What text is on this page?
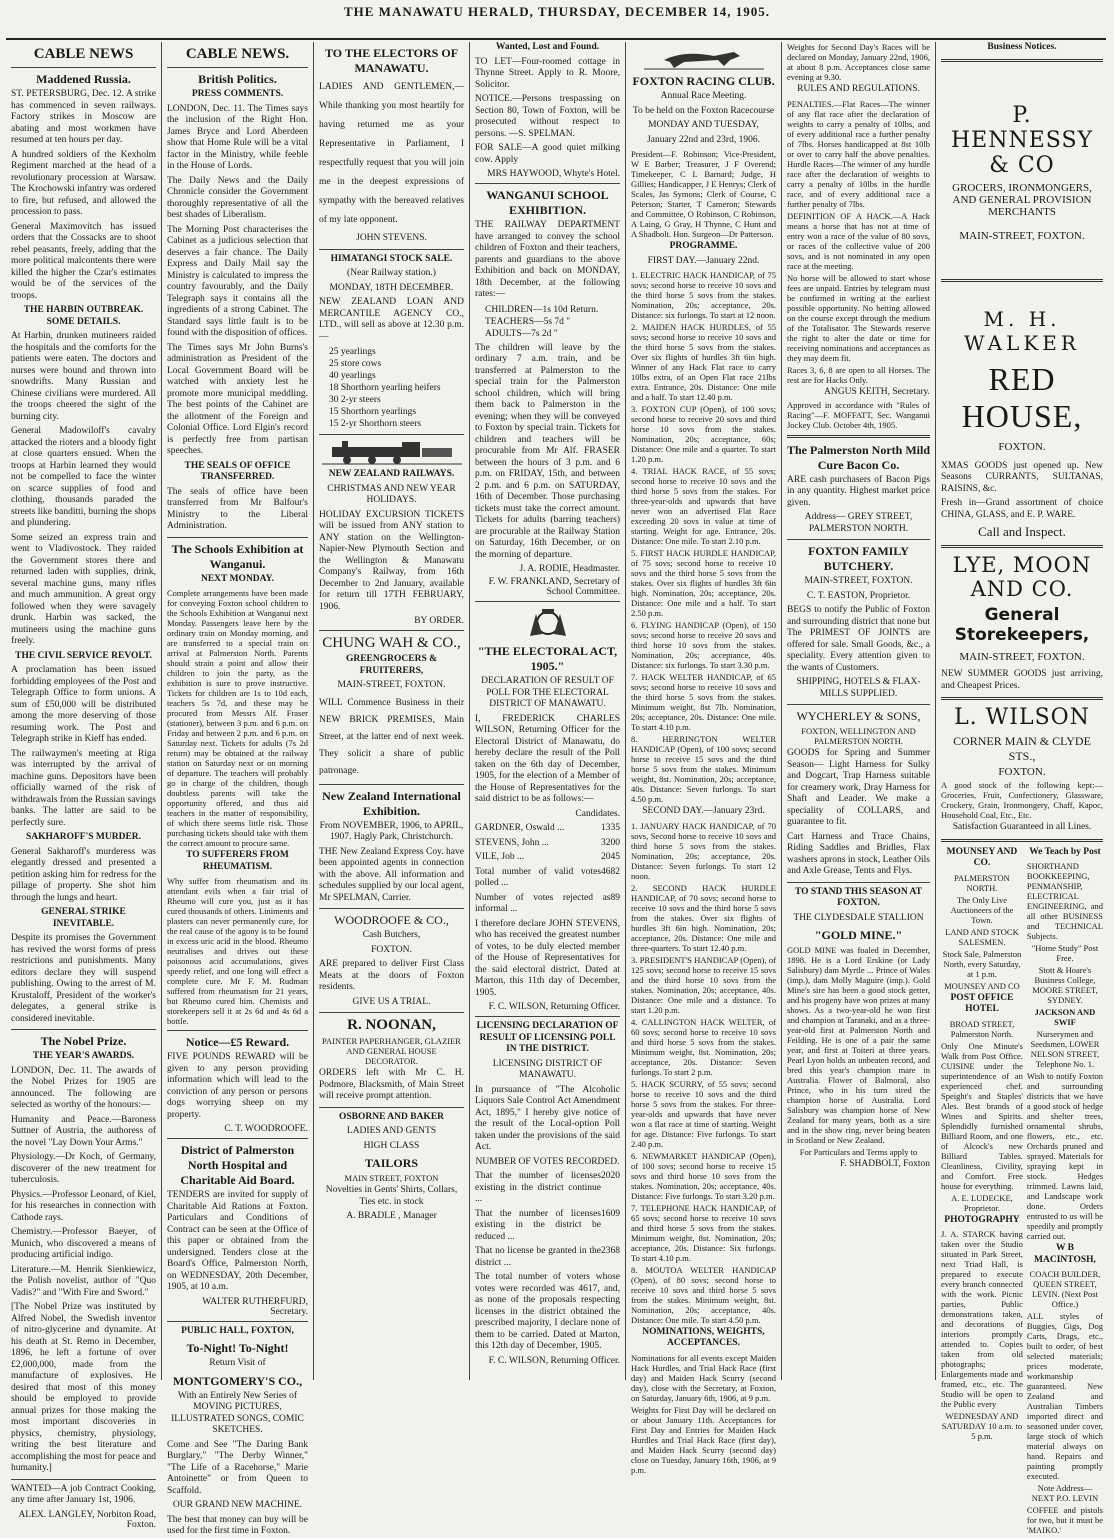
THE MANAWATU HERALD, THURSDAY, DECEMBER 14, 1905.
CABLE NEWS
Maddened Russia.

ST. PETERSBURG, Dec. 12. A strike has commenced in seven railways. Factory strikes in Moscow are abating and most workmen have resumed at ten hours per day.

A hundred soldiers of the Kexholm Regiment marched at the head of a revolutionary procession at Warsaw. The Krochowski infantry was ordered to fire, but refused, and allowed the procession to pass.

General Maximovitch has issued orders that the Cossacks are to shoot rebel peasants, freely, adding that the more political malcontents there were killed the higher the Czar's estimates would be of the services of the troops.

THE HARBIN OUTBREAK. SOME DETAILS.

At Harbin, drunken mutineers raided the hospitals and the comforts for the patients were eaten. The doctors and nurses were bound and thrown into snowdrifts. Many Russian and Chinese civilians were murdered. All the troops cheered the sight of the burning city.

General Madowiloff's cavalry attacked the rioters and a bloody fight at close quarters ensued. When the troops at Harbin learned they would not be compelled to face the winter on scarce supplies of food and clothing, thousands paraded the streets like banditti, burning the shops and plundering.

Some seized an express train and went to Vladivostock. They raided the Government stores there and returned laden with supplies, drink, several machine guns, many rifles and much ammunition. A great orgy followed when they were savagely drunk. Harbin was sacked, the mutineers using the machine guns freely.

THE CIVIL SERVICE REVOLT.

A proclamation has been issued forbidding employees of the Post and Telegraph Office to form unions. A sum of £50,000 will be distributed among the more deserving of those resuming work. The Post and Telegraph strike in Kieff has ended.

The railwaymen's meeting at Riga was interrupted by the arrival of machine guns. Depositors have been officially warned of the risk of withdrawals from the Russian savings banks. The latter are said to be perfectly sure.

SAKHAROFF'S MURDER.

General Sakharoff's murderess was elegantly dressed and presented a petition asking him for redress for the pillage of property. She shot him through the lungs and heart.

GENERAL STRIKE INEVITABLE.

Despite its promises the Government has revived the worst forms of press restrictions and punishments. Many editors declare they will suspend publishing. Owing to the arrest of M. Krustaloff, President of the worker's delegates, a general strike is considered inevitable.

The Nobel Prize.
THE YEAR'S AWARDS.

LONDON, Dec. 11. The awards of the Nobel Prizes for 1905 are announced. The following are selected as worthy of the honours:—

Humanity and Peace.—Baroness Suttner of Austria, the authoress of the novel "Lay Down Your Arms."

Physiology.—Dr Koch, of Germany, discoverer of the new treatment for tuberculosis.

Physics.—Professor Leonard, of Kiel, for his researches in connection with Cathode rays.

Chemistry.—Professor Baeyer, of Munich, who discovered a means of producing artificial indigo.

Literature.—M. Henrik Sienkiewicz, the Polish novelist, author of "Quo Vadis?" and "With Fire and Sword."

[The Nobel Prize was instituted by Alfred Nobel, the Swedish inventor of nitro-glycerine and dynamite. At his death at St. Remo in December, 1896, he left a fortune of over £2,000,000, made from the manufacture of explosives. He desired that most of this money should be employed to provide annual prizes for those making the most important discoveries in physics, chemistry, physiology, writing the best literature and accomplishing the most for peace and humanity.]

WANTED—A job Contract Cooking, any time after January 1st, 1906.

ALEX. LANGLEY, Norbiton Road, Foxton.

CABLE NEWS.
British Politics.
PRESS COMMENTS.

LONDON, Dec. 11. The Times says the inclusion of the Right Hon. James Bryce and Lord Aberdeen show that Home Rule will be a vital factor in the Ministry, while feeble in the House of Lords.

The Daily News and the Daily Chronicle consider the Government thoroughly representative of all the best shades of Liberalism.

The Morning Post characterises the Cabinet as a judicious selection that deserves a fair chance. The Daily Express and Daily Mail say the Ministry is calculated to impress the country favourably, and the Daily Telegraph says it contains all the ingredients of a strong Cabinet. The Standard says little fault is to be found with the disposition of offices.

The Times says Mr John Burns's administration as President of the Local Government Board will be watched with anxiety lest he promote more municipal meddling. The best points of the Cabinet are the allotment of the Foreign and Colonial Office. Lord Elgin's record is perfectly free from partisan speeches.

THE SEALS OF OFFICE TRANSFERRED.

The seals of office have been transferred from Mr Balfour's Ministry to the Liberal Administration.

The Schools Exhibition at Wanganui.
NEXT MONDAY.

Complete arrangements have been made for conveying Foxton school children to the Schools Exhibition at Wanganui next Monday. Passengers leave here by the ordinary train on Monday morning, and are transferred to a special train on arrival at Palmerston North. Parents should strain a point and allow their children to join the party, as the exhibition is sure to prove instructive. Tickets for children are 1s to 10d each, teachers 5s 7d, and these may be procured from Messrs Alf. Fraser (stationer), between 3 p.m. and 6 p.m. on Friday and between 2 p.m. and 6 p.m. on Saturday next. Tickets for adults (7s 2d return) may be obtained at the railway station on Saturday next or on morning of departure. The teachers will probably go in charge of the children, though doubtless parents will take the opportunity offered, and thus aid teachers in the matter of responsibility, of which there seems little risk. Those purchasing tickets should take with them the correct amount to procure same.

TO SUFFERERS FROM RHEUMATISM.

Why suffer from rheumatism and its attendant evils when a fair trial of Rheumo will cure you, just as it has cured thousands of others. Liniments and plasters can never permanently cure, for the real cause of the agony is to be found in excess uric acid in the blood. Rheumo neutralises and drives out these poisonous acid accumulations, gives speedy relief, and one long will effect a complete cure. Mr F. M. Rudman suffered from rheumatism for 21 years, but Rheumo cured him. Chemists and storekeepers sell it at 2s 6d and 4s 6d a bottle.

Notice—£5 Reward.

FIVE POUNDS REWARD will be given to any person providing information which will lead to the conviction of any person or persons dogs worrying sheep on my property.

C. T. WOODROOFE.

District of Palmerston North Hospital and Charitable Aid Board.

TENDERS are invited for supply of Charitable Aid Rations at Foxton. Particulars and Conditions of Contract can be seen at the Office of this paper or obtained from the undersigned. Tenders close at the Board's Office, Palmerston North, on WEDNESDAY, 20th December, 1905, at 10 a.m.

WALTER RUTHERFURD, Secretary.

PUBLIC HALL, FOXTON,
To-Night! To-Night!
Return Visit of
MONTGOMERY'S CO.,

With an Entirely New Series of MOVING PICTURES, ILLUSTRATED SONGS, COMIC SKETCHES.

Come and See "The Daring Bank Burglary," "The Derby Winner," "The Life of a Racehorse," Marie Antoinette" or from Queen to Scaffold.

OUR GRAND NEW MACHINE.

The best that money can buy will be used for the first time in Foxton.

TO THE ELECTORS OF MANAWATU.

LADIES AND GENTLEMEN,— While thanking you most heartily for having returned me as your Representative in Parliament, I respectfully request that you will join me in the deepest expressions of sympathy with the bereaved relatives of my late opponent.

JOHN STEVENS.

HIMATANGI STOCK SALE.
(Near Railway station.)
MONDAY, 18TH DECEMBER.

NEW ZEALAND LOAN AND MERCANTILE AGENCY CO., LTD., will sell as above at 12.30 p.m.—

25 yearlings
25 store cows
40 yearlings
18 Shorthorn yearling heifers
30 2-yr steers
15 Shorthorn yearlings
15 2-yr Shorthorn steers
NEW ZEALAND RAILWAYS.
CHRISTMAS AND NEW YEAR HOLIDAYS.

HOLIDAY EXCURSION TICKETS will be issued from ANY station to ANY station on the Wellington-Napier-New Plymouth Section and the Wellington & Manawatu Company's Railway, from 16th December to 2nd January, available for return till 17TH FEBRUARY, 1906.

BY ORDER.

CHUNG WAH & CO.,
GREENGROCERS & FRUITERERS,
MAIN-STREET, FOXTON.

WILL Commence Business in their NEW BRICK PREMISES, Main Street, at the latter end of next week. They solicit a share of public patronage.

New Zealand International Exhibition.
From NOVEMBER, 1906, to APRIL, 1907. Hagly Park, Christchurch.

THE New Zealand Express Coy. have been appointed agents in connection with the above. All information and schedules supplied by our local agent, Mr SPELMAN, Carrier.

WOODROOFE & CO.,
Cash Butchers,
FOXTON.

ARE prepared to deliver First Class Meats at the doors of Foxton residents.

GIVE US A TRIAL.
R. NOONAN,
PAINTER PAPERHANGER, GLAZIER AND GENERAL HOUSE DECORATOR.

ORDERS left with Mr C. H. Podmore, Blacksmith, of Main Street will receive prompt attention.

OSBORNE AND BAKER
LADIES AND GENTS
HIGH CLASS
TAILORS
MAIN STREET, FOXTON

Novelties in Gents' Shirts, Collars, Ties etc. in stock

A. BRADLE , Manager

Wanted, Lost and Found.

TO LET—Four-roomed cottage in Thynne Street. Apply to R. Moore, Solicitor.

NOTICE.—Persons trespassing on Section 80, Town of Foxton, will be prosecuted without respect to persons. —S. SPELMAN.

FOR SALE—A good quiet milking cow. Apply

MRS HAYWOOD, Whyte's Hotel.

WANGANUI SCHOOL EXHIBITION.

THE RAILWAY DEPARTMENT have arranged to convey the school children of Foxton and their teachers, parents and guardians to the above Exhibition and back on MONDAY, 18th December, at the following rates:—

CHILDREN—1s 10d Return.
TEACHERS—5s 7d "
ADULTS—7s 2d "

The children will leave by the ordinary 7 a.m. train, and be transferred at Palmerston to the special train for the Palmerston school children, which will bring them back to Palmerston in the evening; when they will be conveyed to Foxton by special train. Tickets for children and teachers will be procurable from Mr Alf. FRASER between the hours of 3 p.m. and 6 p.m. on FRIDAY, 15th, and between 2 p.m. and 6 p.m. on SATURDAY, 16th of December. Those purchasing tickets must take the correct amount. Tickets for adults (barring teachers) are procurable at the Railway Station on Saturday, 16th December, or on the morning of departure.

J. A. RODIE, Headmaster.

F. W. FRANKLAND, Secretary of School Committee.

"THE ELECTORAL ACT, 1905."
DECLARATION OF RESULT OF POLL FOR THE ELECTORAL DISTRICT OF MANAWATU.

I, FREDERICK CHARLES WILSON, Returning Officer for the Electoral District of Manawatu, do hereby declare the result of the Poll taken on the 6th day of December, 1905, for the election of a Member of the House of Representatives for the said district to be as follows:—

Candidates.
GARDNER, Oswald ...	1335
STEVENS, John ...	3200
VILE, Job ...	2045
Total number of valid votes polled ...
4682
Number of votes rejected as informal ...
89

I therefore declare JOHN STEVENS, who has received the greatest number of votes, to be duly elected member of the House of Representatives for the said electoral district. Dated at Marton, this 11th day of December, 1905.

F. C. WILSON, Returning Officer.

LICENSING DECLARATION OF RESULT OF LICENSING POLL IN THE DISTRICT.
LICENSING DISTRICT OF MANAWATU.

In pursuance of "The Alcoholic Liquors Sale Control Act Amendment Act, 1895," I hereby give notice of the result of the Local-option Poll taken under the provisions of the said Act.

NUMBER OF VOTES RECORDED.
That the number of licenses existing in the district continue ...
2020
That the number of licenses existing in the district be reduced ...
1609
That no license be granted in the district ...
2368

The total number of voters whose votes were recorded was 4617, and, as none of the proposals respecting licenses in the district obtained the prescribed majority, I declare none of them to be carried. Dated at Marton, this 12th day of December, 1905.

F. C. WILSON, Returning Officer.

FOXTON RACING CLUB.
Annual Race Meeting.

To be held on the Foxton Racecourse

MONDAY AND TUESDAY,
January 22nd and 23rd, 1906.

President—F. Robinson; Vice-President, W E Barber; Treasurer, J F Overend; Timekeeper, C L Barnard; Judge, H Gillies; Handicapper, J E Henrys; Clerk of Scales, Jas Symons; Clerk of Course, C Peterson; Starter, T Cameron; Stewards and Committee, O Robinson, C Robinson, A Laing, G Gray, H Thynne, C Hunt and A Shadbolt. Hon. Surgeon—Dr Patterson.

PROGRAMME.
FIRST DAY.—January 22nd.

1. ELECTRIC HACK HANDICAP, of 75 sovs; second horse to receive 10 sovs and the third horse 5 sovs from the stakes. Nomination, 20s; acceptance, 20s. Distance: six furlongs. To start at 12 noon.

2. MAIDEN HACK HURDLES, of 55 sovs; second horse to receive 10 sovs and the third horse 5 sovs from the stakes. Over six flights of hurdles 3ft 6in high. Winner of any Hack Flat race to carry 10lbs extra, of an Open Flat race 21lbs extra. Entrance, 20s. Distance: One mile and a half. To start 12.40 p.m.

3. FOXTON CUP (Open), of 100 sovs; second horse to receive 20 sovs and third horse 10 sovs from the stakes. Nomination, 20s; acceptance, 60s; Distance: One mile and a quarter. To start 1.20 p.m.

4. TRIAL HACK RACE, of 55 sovs; second horse to receive 10 sovs and the third horse 5 sovs from the stakes. For three-year-olds and upwards that have never won an advertised Flat Race exceeding 20 sovs in value at time of starting. Weight for age. Entrance, 20s. Distance: One mile. To start 2.10 p.m.

5. FIRST HACK HURDLE HANDICAP, of 75 sovs; second horse to receive 10 sovs and the third horse 5 sovs from the stakes. Over six flights of hurdles 3ft 6in high. Nomination, 20s; acceptance, 20s. Distance: One mile and a half. To start 2.50 p.m.

6. FLYING HANDICAP (Open), of 150 sovs; second horse to receive 20 sovs and third horse 10 sovs from the stakes. Nomination, 20s; acceptance, 40s. Distance: six furlongs. To start 3.30 p.m.

7. HACK WELTER HANDICAP, of 65 sovs; second horse to receive 10 sovs and the third horse 5 sovs from the stakes. Minimum weight, 8st 7lb. Nomination, 20s; acceptance, 20s. Distance: One mile. To start 4.10 p.m.

8. HERRINGTON WELTER HANDICAP (Open), of 100 sovs; second horse to receive 15 sovs and the third horse 5 sovs from the stakes. Minimum weight, 8st. Nomination, 20s; acceptance, 40s. Distance: Seven furlongs. To start 4.50 p.m.

SECOND DAY.—January 23rd.

1. JANUARY HACK HANDICAP, of 70 sovs, Second horse to receive 10 sovs and third horse 5 sovs from the stakes. Nomination, 20s; acceptance, 20s. Distance: Seven furlongs. To start 12 noon.

2. SECOND HACK HURDLE HANDICAP, of 70 sovs; second horse to receive 10 sovs and the third horse 5 sovs from the stakes. Over six flights of hurdles 3ft 6in high. Nomination, 20s; acceptance, 20s. Distance: One mile and three-quarters. To start 12.40 p.m.

3. PRESIDENT'S HANDICAP (Open), of 125 sovs; second horse to receive 15 sovs and the third horse 10 sovs from the stakes. Nomination, 20s; acceptance, 40s. Distance: One mile and a distance. To start 1.20 p.m.

4. CALLINGTON HACK WELTER, of 60 sovs; second horse to receive 10 sovs and third horse 5 sovs from the stakes. Minimum weight, 8st. Nomination, 20s; acceptance, 20s. Distance: Seven furlongs. To start 2 p.m.

5. HACK SCURRY, of 55 sovs; second horse to receive 10 sovs and the third horse 5 sovs from the stakes. For three-year-olds and upwards that have never won a flat race at time of starting. Weight for age. Distance: Five furlongs. To start 2.40 p.m.

6. NEWMARKET HANDICAP (Open), of 100 sovs; second horse to receive 15 sovs and third horse 10 sovs from the stakes. Nomination, 20s; acceptance, 40s. Distance: Five furlongs. To start 3.20 p.m.

7. TELEPHONE HACK HANDICAP, of 65 sovs; second horse to receive 10 sovs and third horse 5 sovs from the stakes. Minimum weight, 8st. Nomination, 20s; acceptance, 20s. Distance: Six furlongs. To start 4.10 p.m.

8. MOUTOA WELTER HANDICAP (Open), of 80 sovs; second horse to receive 10 sovs and third horse 5 sovs from the stakes. Minimum weight, 8st. Nomination, 20s; acceptance, 40s. Distance: One mile. To start 4.50 p.m.

NOMINATIONS, WEIGHTS, ACCEPTANCES.

Nominations for all events except Maiden Hack Hurdles, and Trial Hack Race (first day) and Maiden Hack Scurry (second day), close with the Secretary, at Foxton, on Saturday, January 6th, 1906, at 9 p.m.

Weights for First Day will be declared on or about January 11th. Acceptances for First Day and Entries for Maiden Hack Hurdles and Trial Hack Race (first day), and Maiden Hack Scurry (second day) close on Tuesday, January 16th, 1906, at 9 p.m.

Weights for Second Day's Races will be declared on Monday, January 22nd, 1906, at about 8 p.m. Acceptances close same evening at 9.30.

RULES AND REGULATIONS.

PENALTIES.—Flat Races—The winner of any flat race after the declaration of weights to carry a penalty of 10lbs, and of every additional race a further penalty of 7lbs. Horses handicapped at 8st 10lb or over to carry half the above penalties. Hurdle Races—The winner of any hurdle race after the declaration of weights to carry a penalty of 10lbs in the hurdle race, and of every additional race a further penalty of 7lbs.

DEFINITION OF A HACK.—A Hack means a horse that has not at time of entry won a race of the value of 80 sovs, or races of the collective value of 200 sovs, and is not nominated in any open race at the meeting.

No horse will be allowed to start whose fees are unpaid. Entries by telegram must be confirmed in writing at the earliest possible opportunity. No betting allowed on the course except through the medium of the Totalisator. The Stewards reserve the right to alter the date or time for receiving nominations and acceptances as they may deem fit.

Races 3, 6, 8 are open to all Horses. The rest are for Hacks Only.

ANGUS KEITH, Secretary.

Approved in accordance with "Rules of Racing"—F. MOFFATT, Sec. Wanganui Jockey Club. October 4th, 1905.

The Palmerston North Mild Cure Bacon Co.

ARE cash purchasers of Bacon Pigs in any quantity. Highest market price given.

Address— GREY STREET, PALMERSTON NORTH.

FOXTON FAMILY BUTCHERY.
MAIN-STREET, FOXTON.
C. T. EASTON, Proprietor.

BEGS to notify the Public of Foxton and surrounding district that none but The PRIMEST OF JOINTS are offered for sale. Small Goods, &c., a speciality. Every attention given to the wants of Customers.

SHIPPING, HOTELS & FLAX-MILLS SUPPLIED.
WYCHERLEY & SONS,
FOXTON, WELLINGTON AND PALMERSTON NORTH.

GOODS for Spring and Summer Season— Light Harness for Sulky and Dogcart, Trap Harness suitable for creamery work, Dray Harness for Shaft and Leader. We make a speciality of COLLARS, and guarantee to fit.

Cart Harness and Trace Chains, Riding Saddles and Bridles, Flax washers aprons in stock, Leather Oils and Axle Grease, Tents and Flys.

TO STAND THIS SEASON AT FOXTON.
THE CLYDESDALE STALLION
"GOLD MINE."

GOLD MINE was foaled in December, 1898. He is a Lord Erskine (or Lady Salisbury) dam Myrtle ... Prince of Wales (imp.), dam Molly Maguire (imp.). Gold Mine's sire has been a good stock getter, and his progeny have won prizes at many shows. As a two-year-old he won first and champion at Taranaki, and as a three-year-old first at Palmerston North and Feilding. He is one of a pair the same year, and first at Toiteri at three years. Pearl Lyon holds an unbeaten record, and bred this year's champion mare in Australia. Flower of Balmoral, also Prince, who in his turn sired the champion horse of Australia. Lord Salisbury was champion horse of New Zealand for many years, both as a sire and in the show ring, never being beaten in Scotland or New Zealand.

For Particulars and Terms apply to

F. SHADBOLT, Foxton

Business Notices.
P. HENNESSY & CO
GROCERS, IRONMONGERS, AND GENERAL PROVISION MERCHANTS
MAIN-STREET, FOXTON.
M. H. WALKER
RED HOUSE,
FOXTON.

XMAS GOODS just opened up. New Seasons CURRANTS, SULTANAS, RAISINS, &c.

Fresh in—Grand assortment of choice CHINA, GLASS, and E. P. WARE.

Call and Inspect.
LYE, MOON AND CO.
General Storekeepers,
MAIN-STREET, FOXTON.

NEW SUMMER GOODS just arriving, and Cheapest Prices.

L. WILSON
CORNER MAIN & CLYDE STS.,
FOXTON.

A good stock of the following kept:— Groceries, Fruit, Confectionery, Glassware, Crockery, Grain, Ironmongery, Chaff, Kapoc, Household Coal, Etc., Etc.

Satisfaction Guaranteed in all Lines.

MOUNSEY AND CO.
PALMERSTON NORTH.

The Only Live Auctioneers of the Town.

LAND AND STOCK SALESMEN.

Stock Sale, Palmerston North, every Saturday, at 1 p.m.

MOUNSEY AND CO

POST OFFICE HOTEL
BROAD STREET, Palmerston North.

Only One Minute's Walk from Post Office. CUISINE under the superintendence of an experienced chef. Speight's and Staples' Ales. Best brands of Wines and Spirits. Splendidly furnished Billiard Room, and one of Alcock's new Billiard Tables. Cleanliness, Civility, and Comfort. Free house for everything.

A. E. LUDECKE, Proprietor.

PHOTOGRAPHY

J. A. STARCK having taken over the Studio situated in Park Street, next Triad Hall, is prepared to execute every branch connected with the work. Picnic parties, Public demonstrations taken, and decorations of interiors promptly attended to. Copies taken from old photographs; Enlargements made and framed, etc., etc. The Studio will be open to the Public every

WEDNESDAY AND SATURDAY 10 a.m. to 5 p.m.

We Teach by Post

SHORTHAND BOOKKEEPING, PENMANSHIP, ELECTRICAL ENGINEERING, and all other BUSINESS and TECHNICAL Subjects.

"Home Study" Post Free.

Stott & Hoare's Business College, MOORE STREET, SYDNEY.

JACKSON AND SWIF

Nurserymen and Seedsmen, LOWER NELSON STREET, Telephone No. 1.

Wish to notify Foxton and surrounding districts that we have a good stock of hedge and shelter trees, ornamental shrubs, flowers, etc., etc. Orchards pruned and sprayed. Materials for spraying kept in stock. Hedges trimmed. Lawns laid, and Landscape work done. Orders entrusted to us will be speedily and promptly carried out.

W B MACINTOSH,
COACH BUILDER, QUEEN STREET, LEVIN. (Next Post Office.)

ALL styles of Buggies, Gigs, Dog Carts, Drags, etc., built to order, of best selected materials; prices moderate, workmanship guaranteed. New Zealand and Australian Timbers imported direct and seasoned under cover, large stock of which material always on hand. Repairs and painting promptly executed.

Note Address—NEXT P.O. LEVIN

COFFEE and pistols for two, but it must be 'MAIKO.'
